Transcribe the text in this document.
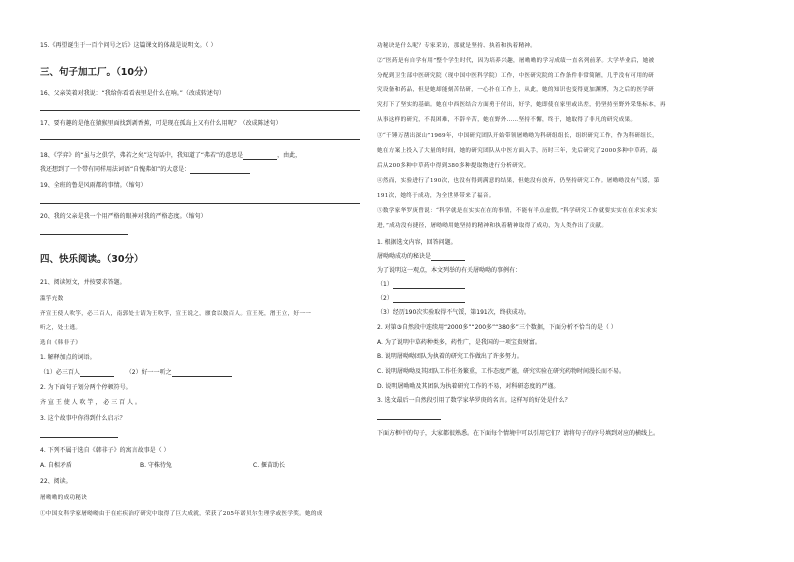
15.《再望诞生于一百个问号之后》这篇课文的体裁是说明文。（ ）
三、句子加工厂。（10分）
16、父亲笑着对我说：“我给你看看表里是什么在响。”（改成转述句）
17、要有趣的是他在猿猴里面找到剥香蕉，可是现在孤岛上又有什么用呢？（改成陈述句）
18、《学弈》的“虽与之俱学，弗若之矣”这句话中，我知道了“弗若”的意思是	，由此，
我还想到了一个带有同样用法词语“自愧弗如”的大意是：
19、全班的鲁是风雨都的事情。（缩句）
20、我的父亲是我一个用严格的眼神对我的严格态度。（缩句）
四、快乐阅读。（30分）
21、阅读短文，并按要求答题。
滥竽充数
齐宣王使人吹竽，必三百人，南郭处士请为王吹竽，宣王说之，廪食以数百人。宣王死，湣王立，好一一
听之，处士逃。
选自《韩非子》
1. 解释加点的词语。
（1）必三百人	（2）好一一听之
2. 为下面句子划分两个停顿符号。
齐 宣 王 使 人 吹 竽 ， 必 三 百 人 。
3. 这个故事中你得到什么启示？
4. 下列不属于选自《韩非子》的寓言故事是（ ）
A. 自相矛盾	B. 守株待兔	C. 揠苗助长
22、阅读。
屠呦呦的成功秘诀
①中国女科学家屠呦呦由于在疟疾治疗研究中取得了巨大成就，荣获了205年诺贝尔生理学或医学奖。她的成
功秘诀是什么呢？专家采访，那就是坚持、执着和执着精神。
②“医药是有自学有用”整个学生时代，因为培养兴趣，屠呦呦的学习成绩一直名列前茅。大学毕业后，她被
分配到卫生部中医研究院（现中国中医科学院）工作，中医研究院的工作条件非常简陋，几乎没有可用的研
究设备和药品，但是她却能刻苦钻研，一心扑在工作上，从此，她的知识也变得更加渊博，为之后的医学研
究打下了坚实的基础。她在中西医结合方面勇于付出，好学，她即使在家里或出差，仍坚持至野外采集标本，再
从事这样的研究，不畏困难，不辞辛苦，她在野外……坚持不懈，终于，她取得了非凡的研究成果。
③“千锤万凿出深山”1969年，中国研究团队开始带领屠呦呦为科研组组长，组织研究工作，作为科研组长，
她在方案上投入了大量的时间，她的研究团队从中医方面入手，历时三年，先后研究了2000多种中草药，最
后从200多种中草药中得到380多种提取物进行分析研究。
④然而，实验进行了190次，也没有得到满意的结果，但她没有放弃，仍坚持研究工作。屠呦呦没有气馁，第
191次，她终于成功，为全世界带来了福音。
⑤数学家华罗庚曾说：“科学就是在实实在在的事情，不能有半点虚假，”科学研究工作就要实实在在求实求实
进，”成功没有捷径，屠呦呦用她坚持的精神和执着精神取得了成功，为人类作出了贡献。
1. 根据选文内容，回答问题。
屠呦呦成功的秘诀是
为了说明这一观点，本文列举的有关屠呦呦的事例有：
（1）
（2）
（3）经历190次实验取得不气馁，第191次，终获成功。
2. 对第③自然段中连续用“2000多”“200多”“380多”三个数据，下面分析不恰当的是（ ）
A. 为了说明中草药种类多，药性广，是我国的一项宝贵财富。
B. 说明屠呦呦团队为执着的研究工作做出了许多努力。
C. 说明屠呦呦及其团队工作任务繁重，工作态度严谨，研究实验在研究药物时间漫长而不易。
D. 说明屠呦呦及其团队为执着研究工作的不易，对科研态度的严谨。
3. 选文最后一自然段引用了数学家华罗庚的名言。这样写的好处是什么？
下面方框中的句子，大家都很熟悉。在下面每个情境中可以引用它们？请将句子的序号填到对应的横线上。
